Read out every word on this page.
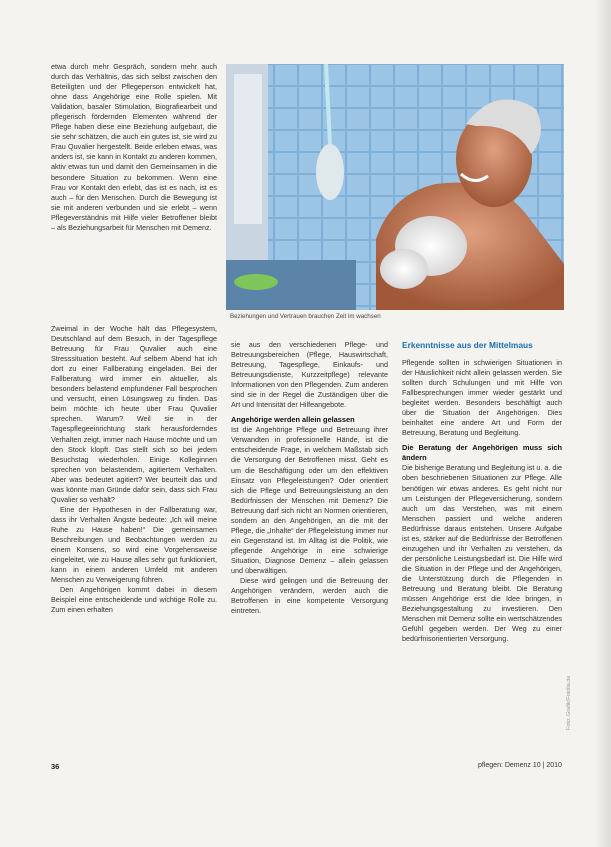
etwa durch mehr Gespräch, sondern mehr auch durch das Verhältnis, das sich selbst zwischen den Beteiligten und der Pflegeperson entwickelt hat, ohne dass Angehörige eine Rolle spielen. Mit Validation, basaler Stimulation, Biografiearbeit und pflegerisch fördernden Elementen während der Pflege haben diese eine Beziehung aufgebaut, die sie sehr schätzen, die auch ein gutes ist, sie wird zu Frau Quvalier hergestellt. Beide erleben etwas, was anders ist, sie kann in Kontakt zu anderen kommen, aktiv etwas tun und damit den Gemeinsamen in die besondere Situation zu bekommen. Wenn eine Frau vor Kontakt den erlebt, das ist es nach, ist es auch – für den Menschen. Durch die Bewegung ist sie mit anderen verbunden und sie erlebt – wenn Pflegeverständnis mit Hilfe vieler Betroffener bleibt – als Beziehungsarbeit für Menschen mit Demenz.

Beziehungen und Vertrauen brauchen Zeit im wachsen

Zweimal in der Woche hält das Pflegesystem, Deutschland auf dem Besuch, in der Tagespflege Betreuung für Frau Quvalier auch eine Stresssituation besteht. Auf selbem Abend hat ich dort zu einer Fallberatung eingeladen. Bei der Fallberatung wird immer ein aktueller, als besonders belastend empfundener Fall besprochen und versucht, einen Lösungsweg zu finden. Das beim möchte ich heute über Frau Quvalier sprechen. Warum? Weil sie in der Tagespflegeeinrichtung stark herausforderndes Verhalten zeigt, immer nach Hause möchte und um den Stock klopft. Das stellt sich so bei jedem Besuchstag wiederholen. Einige Kolleginnen sprechen von belastendem, agitiertem Verhalten. Aber was bedeutet agitiert? Wer beurteilt das und was könnte man Gründe dafür sein, dass sich Frau Quvalier so verhält?

Eine der Hypothesen in der Fallberatung war, dass ihr Verhalten Ängste bedeute: „Ich will meine Ruhe zu Hause haben!“ Die gemeinsamen Beschreibungen und Beobachtungen werden zu einem Konsens, so wird eine Vorgehensweise eingeleitet, wie zu Hause alles sehr gut funktioniert, kann in einem anderen Umfeld mit anderen Menschen zu Verweigerung führen.

Den Angehörigen kommt dabei in diesem Beispiel eine entscheidende und wichtige Rolle zu. Zum einen erhalten

sie aus den verschiedenen Pflege- und Betreuungsbereichen (Pflege, Hauswirtschaft, Betreuung, Tagespflege, Einkaufs- und Betreuungsdienste, Kurzzeitpflege) relevante Informationen von den Pflegenden. Zum anderen sind sie in der Regel die Zuständigen über die Art und Intensität der Hilfeangebote.

Angehörige werden allein gelassen

Ist die Angehörige Pflege und Betreuung ihrer Verwandten in professionelle Hände, ist die entscheidende Frage, in welchem Maßstab sich die Versorgung der Betroffenen misst. Geht es um die Beschäftigung oder um den effektiven Einsatz von Pflegeleistungen? Oder orientiert sich die Pflege und Betreuungsleistung an den Bedürfnissen der Menschen mit Demenz? Die Betreuung darf sich nicht an Normen orientieren, sondern an den Angehörigen, an die mit der Pflege, die „Inhalte“ der Pflegeleistung immer nur ein Gegenstand ist. Im Alltag ist die Politik, wie pflegende Angehörige in eine schwierige Situation, Diagnose Demenz – allein gelassen und überwältigen.

Diese wird gelingen und die Betreuung der Angehörigen verändern, werden auch die Betroffenen in eine kompetente Versorgung eintreten.

Erkenntnisse aus der Mittelmaus

Pflegende sollten in schwierigen Situationen in der Häuslichkeit nicht allein gelassen werden. Sie sollten durch Schulungen und mit Hilfe von Fallbesprechungen immer wieder gestärkt und begleitet werden. Besonders beschäftigt auch über die Situation der Angehörigen. Dies beinhaltet eine andere Art und Form der Betreuung, Beratung und Begleitung.

Die Beratung der Angehörigen muss sich ändern

Die bisherige Beratung und Begleitung ist u. a. die oben beschriebenen Situationen zur Pflege. Alle benötigen wir etwas anderes. Es geht nicht nur um Leistungen der Pflegeversicherung, sondern auch um das Verstehen, was mit einem Menschen passiert und welche anderen Bedürfnisse daraus entstehen. Unsere Aufgabe ist es, stärker auf die Bedürfnisse der Betroffenen einzugehen und ihr Verhalten zu verstehen, da der persönliche Leistungsbedarf ist. Die Hilfe wird die Situation in der Pflege und der Angehörigen, die Unterstützung durch die Pflegenden in Betreuung und Beratung bleibt. Die Beratung müssen Angehörige erst die Idee bringen, in Beziehungsgestaltung zu investieren. Den Menschen mit Demenz sollte ein wertschätzendes Gefühl gegeben werden. Der Weg zu einer bedürfnisorientierten Versorgung.

Foto: Grafik/Fotolia.de
36	pflegen: Demenz 10 | 2010
